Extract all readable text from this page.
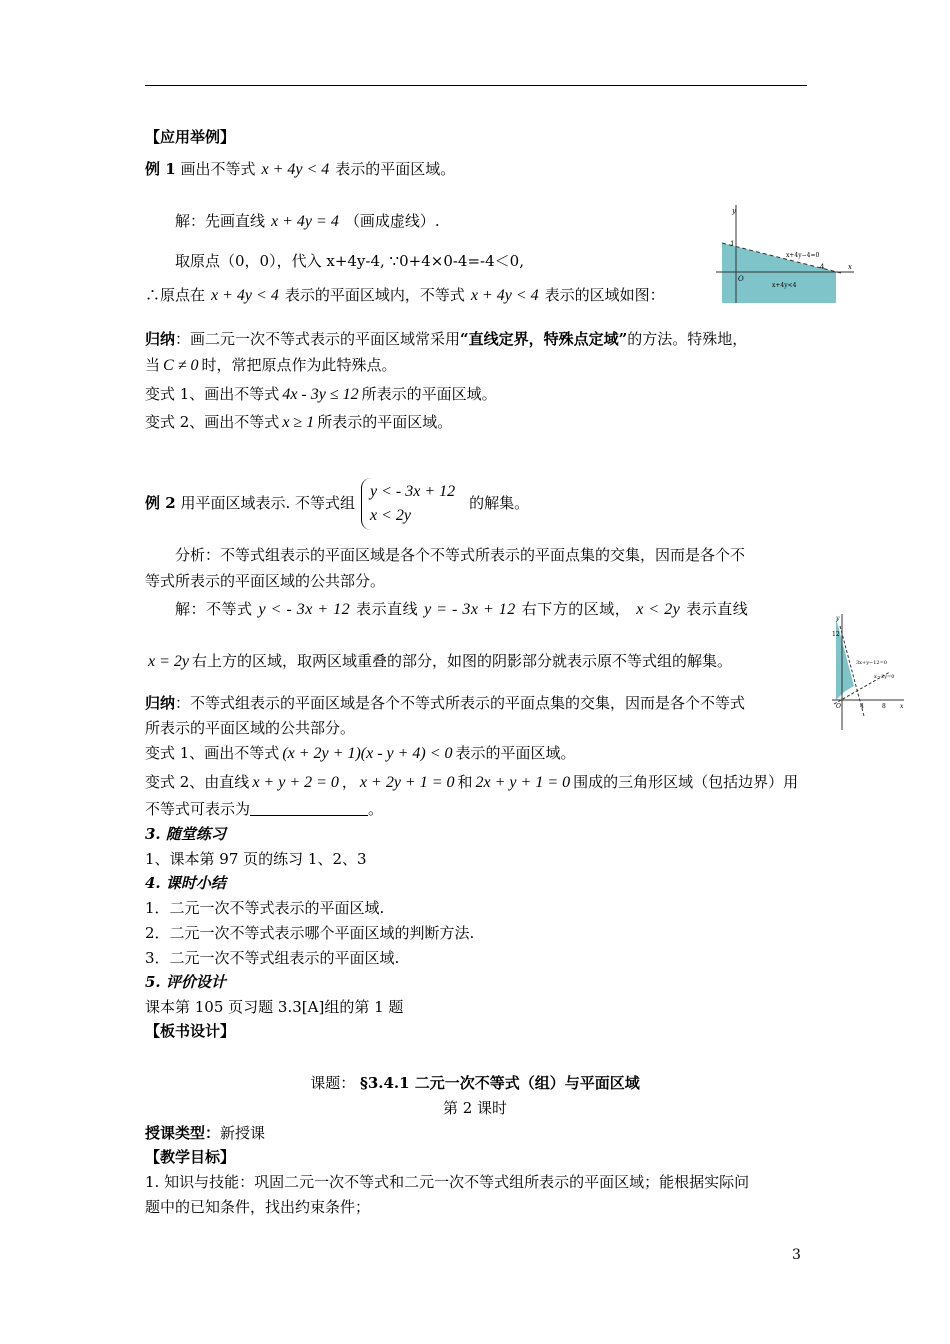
【应用举例】
例 1 画出不等式 x + 4y < 4 表示的平面区域。
解：先画直线 x + 4y = 4 （画成虚线）.
取原点（0，0），代入 x+4y-4, ∵0+4×0-4=-4＜0,
∴原点在 x + 4y < 4 表示的平面区域内，不等式 x + 4y < 4 表示的区域如图：
y
1
O
4	x
x+4y−4=0
x+4y<4
归纳：画二元一次不等式表示的平面区域常采用“直线定界，特殊点定域”的方法。特殊地，
当 C ≠ 0 时，常把原点作为此特殊点。
变式 1、画出不等式 4x - 3y ≤ 12 所表示的平面区域。
变式 2、画出不等式 x ≥ 1 所表示的平面区域。
例 2 用平面区域表示. 不等式组
y < - 3x + 12
x < 2y
的解集。
分析：不等式组表示的平面区域是各个不等式所表示的平面点集的交集，因而是各个不
等式所表示的平面区域的公共部分。
解：不等式 y < - 3x + 12 表示直线 y = - 3x + 12 右下方的区域， x < 2y 表示直线
x = 2y 右上方的区域，取两区域重叠的部分，如图的阴影部分就表示原不等式组的解集。
y
12
O	4	8 x
3x+y−12=0
x−2y=0
归纳：不等式组表示的平面区域是各个不等式所表示的平面点集的交集，因而是各个不等式
所表示的平面区域的公共部分。
变式 1、画出不等式 (x + 2y + 1)(x - y + 4) < 0 表示的平面区域。
变式 2、由直线 x + y + 2 = 0 ， x + 2y + 1 = 0 和 2x + y + 1 = 0 围成的三角形区域（包括边界）用
不等式可表示为	。
3. 随堂练习
1、课本第 97 页的练习 1、2、3
4. 课时小结
1．二元一次不等式表示的平面区域.
2．二元一次不等式表示哪个平面区域的判断方法.
3．二元一次不等式组表示的平面区域.
5. 评价设计
课本第 105 页习题 3.3[A]组的第 1 题
【板书设计】
课题： §3.4.1 二元一次不等式（组）与平面区域
第 2 课时
授课类型：新授课
【教学目标】
1. 知识与技能：巩固二元一次不等式和二元一次不等式组所表示的平面区域；能根据实际问
题中的已知条件，找出约束条件；
3
